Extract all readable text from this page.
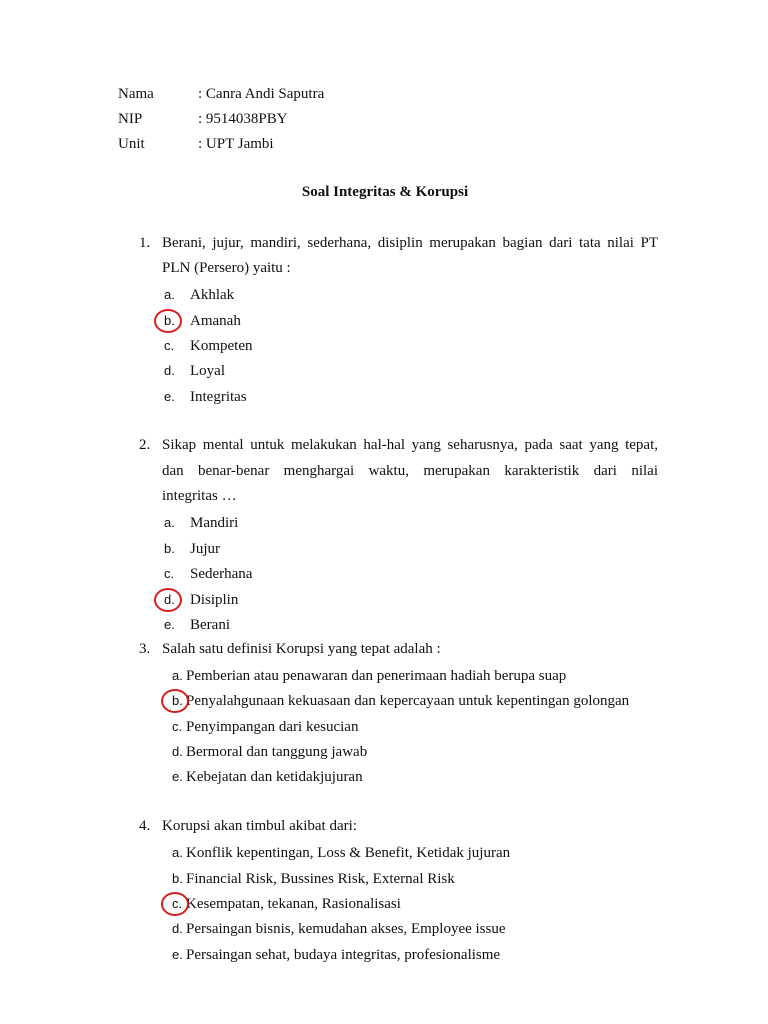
Nama	: Canra Andi Saputra
NIP	: 9514038PBY
Unit	: UPT Jambi
Soal Integritas & Korupsi
1. Berani, jujur, mandiri, sederhana, disiplin merupakan bagian dari tata nilai PT
PLN (Persero) yaitu :
a. Akhlak
b. Amanah
c. Kompeten
d. Loyal
e. Integritas
2. Sikap mental untuk melakukan hal-hal yang seharusnya, pada saat yang tepat,
dan benar-benar menghargai waktu, merupakan karakteristik dari nilai
integritas …
a. Mandiri
b. Jujur
c. Sederhana
d. Disiplin
e. Berani
3. Salah satu definisi Korupsi yang tepat adalah :
a. Pemberian atau penawaran dan penerimaan hadiah berupa suap
b. Penyalahgunaan kekuasaan dan kepercayaan untuk kepentingan golongan
c. Penyimpangan dari kesucian
d. Bermoral dan tanggung jawab
e. Kebejatan dan ketidakjujuran
4. Korupsi akan timbul akibat dari:
a. Konflik kepentingan, Loss & Benefit, Ketidak jujuran
b. Financial Risk, Bussines Risk, External Risk
c. Kesempatan, tekanan, Rasionalisasi
d. Persaingan bisnis, kemudahan akses, Employee issue
e. Persaingan sehat, budaya integritas, profesionalisme
